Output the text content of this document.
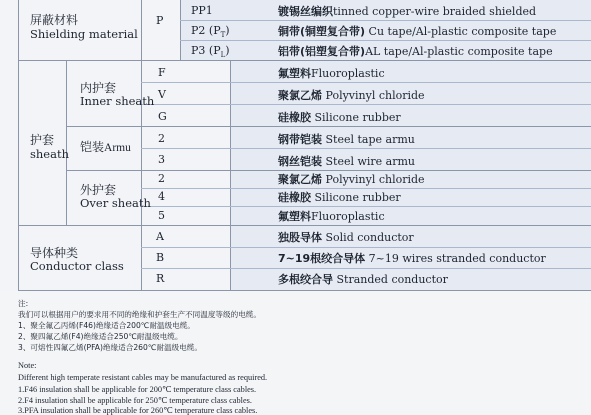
屏蔽材料
Shielding material
P
PP1	镀锡丝编织tinned copper-wire braided shielded
P2 $(P_T)$	铜带(铜塑复合带) Cu tape/Al-plastic composite tape
P3 $(P_L)$	铝带(铝塑复合带)AL tape/Al-plastic composite tape
护套
sheath
内护套
Inner sheath
F	氟塑料Fluoroplastic
V	聚氯乙烯 Polyvinyl chloride
G	硅橡胶 Silicone rubber
铠装Armu
2	钢带铠装 Steel tape armu
3	钢丝铠装 Steel wire armu
外护套
Over sheath
2	聚氯乙烯 Polyvinyl chloride
4	硅橡胶 Silicone rubber
5	氟塑料Fluoroplastic
导体种类
Conductor class
A	独股导体 Solid conductor
B	7~19根绞合导体 7~19 wires stranded conductor
R	多根绞合导 Stranded conductor
注:
我们可以根据用户的要求用不同的绝缘和护套生产不同温度等级的电缆。
1、聚全氟乙丙烯(F46)绝缘适合200℃耐温级电缆。
2、聚四氟乙烯(F4)绝缘适合250℃耐温级电缆。
3、可熔性四氟乙烯(PFA)绝缘适合260℃耐温级电缆。
Note:
Different high temperate resistant cables may be manufactured as required.
1.F46 insulation shall be applicable for 200℃ temperature class cables.
2.F4 insulation shall be applicable for 250℃ temperature class cables.
3.PFA insulation shall be applicable for 260℃ temperature class cables.
